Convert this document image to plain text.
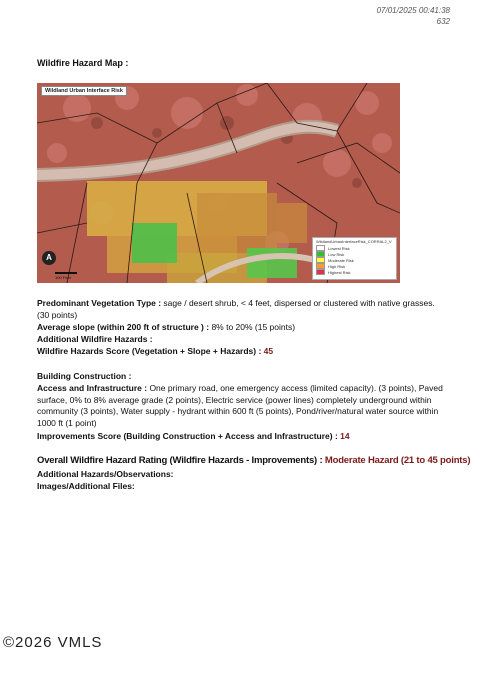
07/01/2025 00:41:38
632
Wildfire Hazard Map :
Wildland Urban Interface Risk
WildlandUrbanInterfaceRisk_CORRAL2_V
Lowest Risk
Low Risk
Moderate Risk
High Risk
Highest Risk
A
100 Feet
Predominant Vegetation Type : sage / desert shrub, < 4 feet, dispersed or clustered with native grasses. (30 points)
Average slope (within 200 ft of structure ) : 8% to 20% (15 points)
Additional Wildfire Hazards :
Wildfire Hazards Score (Vegetation + Slope + Hazards) : 45
Building Construction :
Access and Infrastructure : One primary road, one emergency access (limited capacity). (3 points), Paved surface, 0% to 8% average grade (2 points), Electric service (power lines) completely underground within community (3 points), Water supply - hydrant within 600 ft (5 points), Pond/river/natural water source within 1000 ft (1 point)
Improvements Score (Building Construction + Access and Infrastructure) : 14
Overall Wildfire Hazard Rating (Wildfire Hazards - Improvements) : Moderate Hazard (21 to 45 points)
Additional Hazards/Observations:
Images/Additional Files:
©2026 VMLS
